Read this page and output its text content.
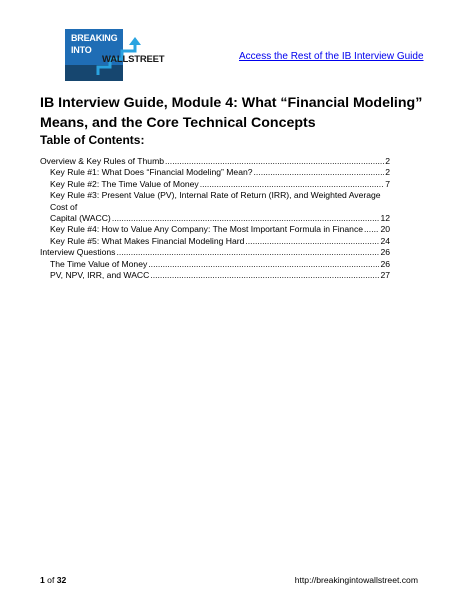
BREAKING
INTO
WALLSTREET	Access the Rest of the IB Interview Guide
IB Interview Guide, Module 4: What “Financial Modeling” Means, and the Core Technical Concepts
Table of Contents:
Overview & Key Rules of Thumb .....	2
Key Rule #1: What Does “Financial Modeling” Mean? .....	2
Key Rule #2: The Time Value of Money .....	7
Key Rule #3: Present Value (PV), Internal Rate of Return (IRR), and Weighted Average Cost of
Capital (WACC) .....	12
Key Rule #4: How to Value Any Company: The Most Important Formula in Finance ..... 20
Key Rule #5: What Makes Financial Modeling Hard .....	24
Interview Questions .....	26
The Time Value of Money .....	26
PV, NPV, IRR, and WACC .....	27
1 of 32	http://breakingintowallstreet.com
